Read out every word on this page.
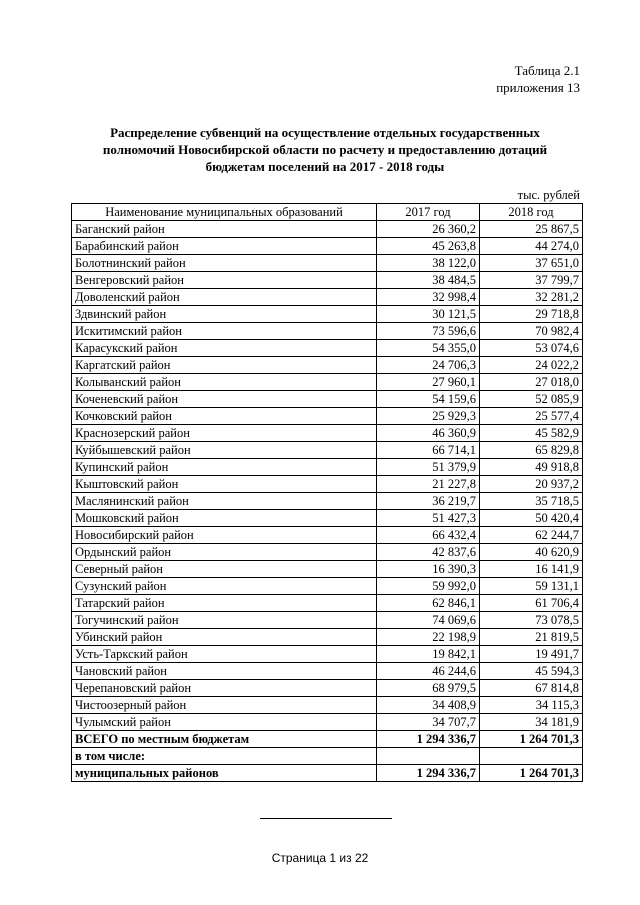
Таблица 2.1
приложения 13
Распределение субвенций на осуществление отдельных государственных
полномочий Новосибирской области по расчету и предоставлению дотаций
бюджетам поселений на 2017 - 2018 годы
тыс. рублей
Наименование муниципальных образований	2017 год	2018 год
Баганский район	26 360,2	25 867,5
Барабинский район	45 263,8	44 274,0
Болотнинский район	38 122,0	37 651,0
Венгеровский район	38 484,5	37 799,7
Доволенский район	32 998,4	32 281,2
Здвинский район	30 121,5	29 718,8
Искитимский район	73 596,6	70 982,4
Карасукский район	54 355,0	53 074,6
Каргатский район	24 706,3	24 022,2
Колыванский район	27 960,1	27 018,0
Коченевский район	54 159,6	52 085,9
Кочковский район	25 929,3	25 577,4
Краснозерский район	46 360,9	45 582,9
Куйбышевский район	66 714,1	65 829,8
Купинский район	51 379,9	49 918,8
Кыштовский район	21 227,8	20 937,2
Маслянинский район	36 219,7	35 718,5
Мошковский район	51 427,3	50 420,4
Новосибирский район	66 432,4	62 244,7
Ордынский район	42 837,6	40 620,9
Северный район	16 390,3	16 141,9
Сузунский район	59 992,0	59 131,1
Татарский район	62 846,1	61 706,4
Тогучинский район	74 069,6	73 078,5
Убинский район	22 198,9	21 819,5
Усть-Таркский район	19 842,1	19 491,7
Чановский район	46 244,6	45 594,3
Черепановский район	68 979,5	67 814,8
Чистоозерный район	34 408,9	34 115,3
Чулымский район	34 707,7	34 181,9
ВСЕГО по местным бюджетам	1 294 336,7	1 264 701,3
в том числе:		
муниципальных районов	1 294 336,7	1 264 701,3
Страница 1 из 22
